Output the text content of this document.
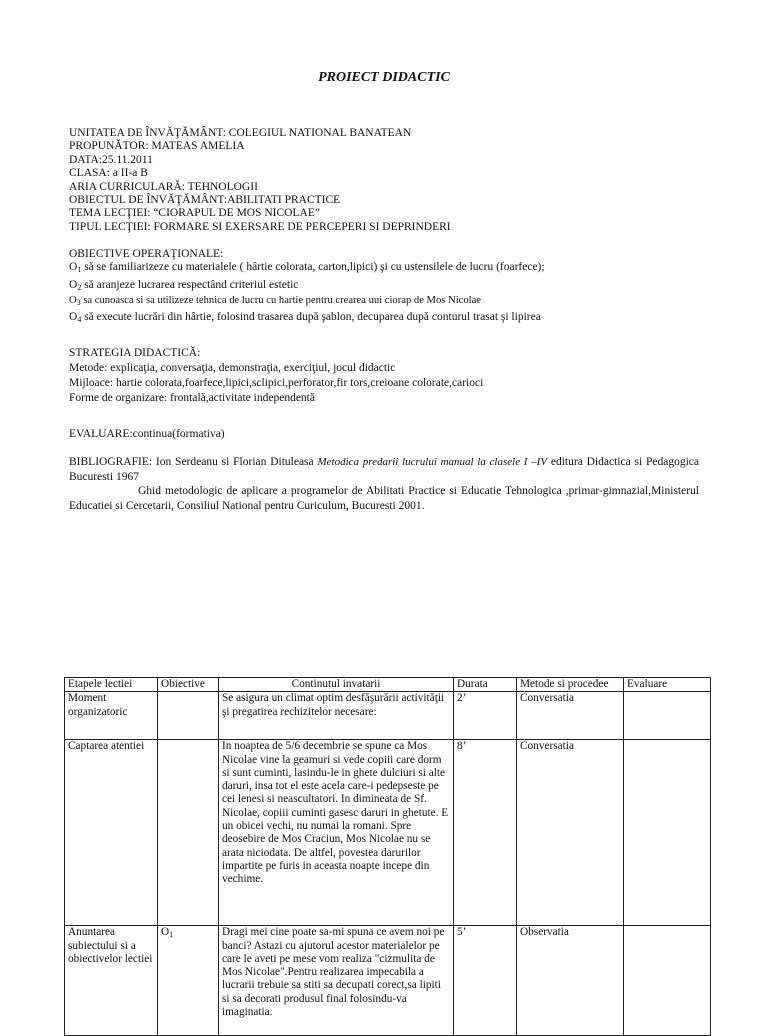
PROIECT DIDACTIC
UNITATEA DE ÎNVĂŢĂMÂNT: COLEGIUL NATIONAL BANATEAN
PROPUNĂTOR: MATEAS AMELIA
DATA:25.11.2011
CLASA: a II-a B
ARIA CURRICULARĂ: TEHNOLOGII
OBIECTUL DE ÎNVĂŢĂMÂNT:ABILITATI PRACTICE
TEMA LECŢIEI: “CIORAPUL DE MOS NICOLAE”
TIPUL LECŢIEI: FORMARE SI EXERSARE DE PERCEPERI SI DEPRINDERI
OBIECTIVE OPERAŢIONALE:
$O_1$ să se familiarizeze cu materialele ( hârtie colorata, carton,lipici) şi cu ustensilele de lucru (foarfece);
$O_2$ să aranjeze lucrarea respectând criteriul estetic
$O_3$ sa cunoasca si sa utilizeze tehnica de lucru cu hartie pentru crearea uui ciorap de Mos Nicolae
$O_4$ să execute lucrări din hârtie, folosind trasarea după şablon, decuparea după conturul trasat şi lipirea
STRATEGIA DIDACTICĂ:
Metode: explicaţia, conversaţia, demonstraţia, exerciţiul, jocul didactic
Mijloace: hartie colorata,foarfece,lipici,sclipici,perforator,fir tors,creioane colorate,carioci
Forme de organizare: frontală,activitate independentă
EVALUARE:continua(formativa)
BIBLIOGRAFIE: Ion Serdeanu si Florian Dituleasa Metodica predarii lucrului manual la clasele I –IV editura Didactica si Pedagogica Bucuresti 1967
Ghid metodologic de aplicare a programelor de Abilitati Practice si Educatie Tehnologica ,primar-gimnazial,Ministerul Educatiei si Cercetarii, Consiliul National pentru Curiculum, Bucuresti 2001.
Etapele lectiei	Obiective	Continutul invatarii	Durata	Metode si procedee	Evaluare
Moment organizatoric		Se asigura un climat optim desfăşurării activităţii şi pregatirea rechizitelor necesare:	2’	Conversatia	
Captarea atentiei		In noaptea de 5/6 decembrie se spune ca Mos Nicolae vine la geamuri si vede copiii care dorm si sunt cuminti, lasindu-le in ghete dulciuri si alte daruri, insa tot el este acela care-i pedepseste pe cei lenesi si neascultatori. In dimineata de Sf. Nicolae, copiii cuminti gasesc daruri in ghetute. E un obicei vechi, nu numai la romani. Spre deosebire de Mos Craciun, Mos Nicolae nu se arata niciodata. De altfel, povestea darurilor impartite pe furis in aceasta noapte incepe din vechime.	8’	Conversatia	
Anuntarea subiectului si a obiectivelor lectiei	$O_1$	Dragi mei cine poate sa-mi spuna ce avem noi pe banci? Astazi cu ajutorul acestor materialelor pe care le aveti pe mese vom realiza "cizmulita de Mos Nicolae".Pentru realizarea impecabila a lucrarii trebuie sa stiti sa decupati corect,sa lipiti si sa decorati produsul final folosindu-va imaginatia.	5’	Observatia	
